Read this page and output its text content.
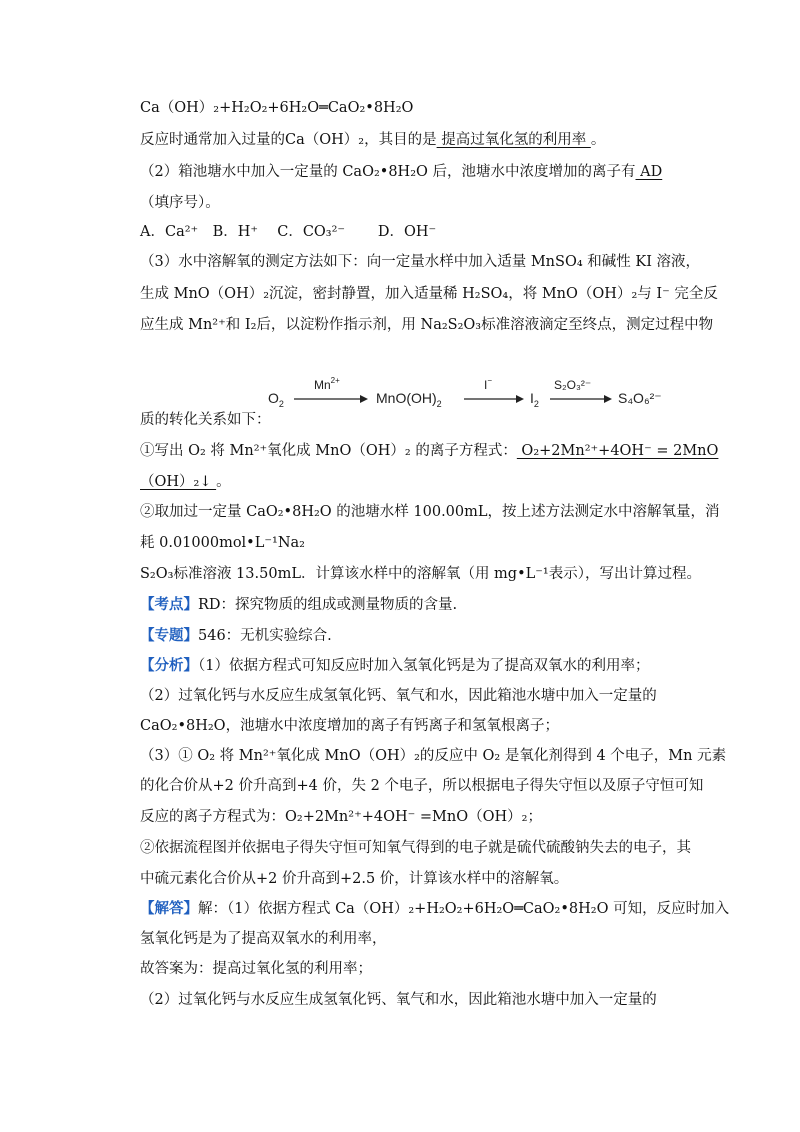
Ca（OH）₂+H₂O₂+6H₂O═CaO₂•8H₂O
反应时通常加入过量的Ca（OH）₂，其目的是 提高过氧化氢的利用率 。
（2）箱池塘水中加入一定量的 CaO₂•8H₂O 后，池塘水中浓度增加的离子有 AD
（填序号）。
A．Ca²⁺ B．H⁺ C．CO₃²⁻ D．OH⁻
（3）水中溶解氧的测定方法如下：向一定量水样中加入适量 MnSO₄ 和碱性 KI 溶液，
生成 MnO（OH）₂沉淀，密封静置，加入适量稀 H₂SO₄，将 MnO（OH）₂与 I⁻ 完全反
应生成 Mn²⁺和 I₂后，以淀粉作指示剂，用 Na₂S₂O₃标准溶液滴定至终点，测定过程中物
$O_2$
$Mn^{2+}$
$MnO(OH)_2$
I−
$I_2$
S₂O₃²⁻
S₄O₆²⁻
质的转化关系如下：
①写出 O₂ 将 Mn²⁺氧化成 MnO（OH）₂ 的离子方程式： O₂+2Mn²⁺+4OH⁻ = 2MnO
（OH）₂↓ 。
②取加过一定量 CaO₂•8H₂O 的池塘水样 100.00mL，按上述方法测定水中溶解氧量，消
耗 0.01000mol•L⁻¹Na₂
S₂O₃标准溶液 13.50mL．计算该水样中的溶解氧（用 mg•L⁻¹表示），写出计算过程。
【考点】RD：探究物质的组成或测量物质的含量.
【专题】546：无机实验综合.
【分析】（1）依据方程式可知反应时加入氢氧化钙是为了提高双氧水的利用率；
（2）过氧化钙与水反应生成氢氧化钙、氧气和水，因此箱池水塘中加入一定量的
CaO₂•8H₂O，池塘水中浓度增加的离子有钙离子和氢氧根离子；
（3）① O₂ 将 Mn²⁺氧化成 MnO（OH）₂的反应中 O₂ 是氧化剂得到 4 个电子，Mn 元素
的化合价从+2 价升高到+4 价，失 2 个电子，所以根据电子得失守恒以及原子守恒可知
反应的离子方程式为：O₂+2Mn²⁺+4OH⁻ =MnO（OH）₂；
②依据流程图并依据电子得失守恒可知氧气得到的电子就是硫代硫酸钠失去的电子，其
中硫元素化合价从+2 价升高到+2.5 价，计算该水样中的溶解氧。
【解答】解：（1）依据方程式 Ca（OH）₂+H₂O₂+6H₂O═CaO₂•8H₂O 可知，反应时加入
氢氧化钙是为了提高双氧水的利用率，
故答案为：提高过氧化氢的利用率；
（2）过氧化钙与水反应生成氢氧化钙、氧气和水，因此箱池水塘中加入一定量的
